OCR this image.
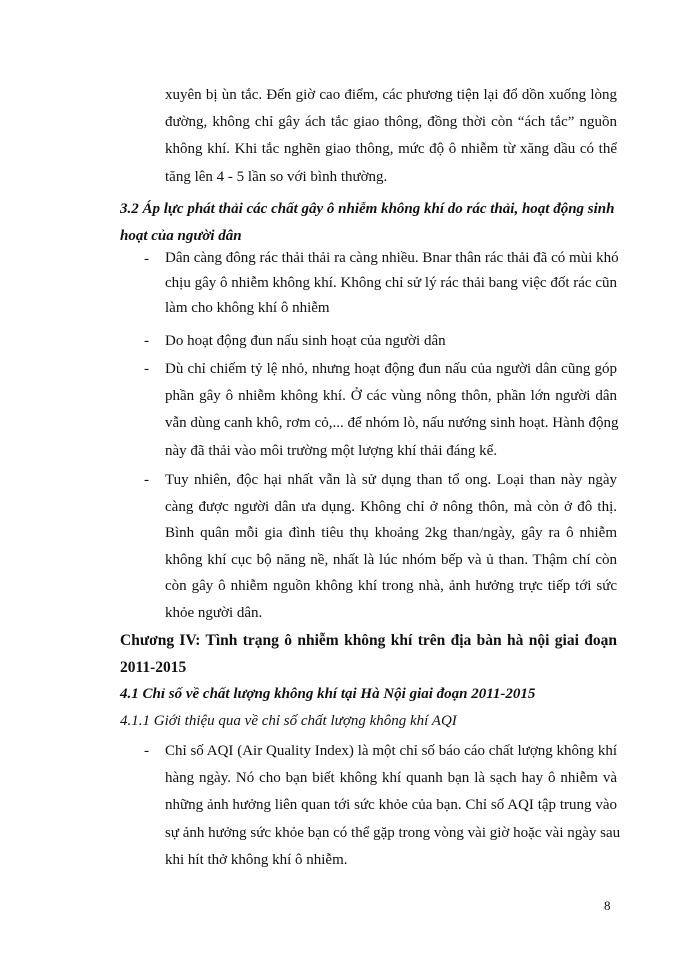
xuyên bị ùn tắc. Đến giờ cao điểm, các phương tiện lại đổ dồn xuống lòng
đường, không chỉ gây ách tắc giao thông, đồng thời còn “ách tắc” nguồn
không khí. Khi tắc nghẽn giao thông, mức độ ô nhiễm từ xăng dầu có thể
tăng lên 4 - 5 lần so với bình thường.
3.2 Áp lực phát thải các chất gây ô nhiễm không khí do rác thải, hoạt động sinh
hoạt của người dân
- Dân càng đông rác thải thải ra càng nhiều. Bnar thân rác thải đã có mùi khó
chịu gây ô nhiễm không khí. Không chỉ sử lý rác thải bang việc đốt rác cũn
làm cho không khí ô nhiễm
- Do hoạt động đun nấu sinh hoạt của người dân
- Dù chỉ chiếm tỷ lệ nhỏ, nhưng hoạt động đun nấu của người dân cũng góp
phần gây ô nhiễm không khí. Ở các vùng nông thôn, phần lớn người dân
vẫn dùng canh khô, rơm cỏ,... để nhóm lò, nấu nướng sinh hoạt. Hành động
này đã thải vào môi trường một lượng khí thải đáng kể.
- Tuy nhiên, độc hại nhất vẫn là sử dụng than tổ ong. Loại than này ngày
càng được người dân ưa dụng. Không chỉ ở nông thôn, mà còn ở đô thị.
Bình quân mỗi gia đình tiêu thụ khoảng 2kg than/ngày, gây ra ô nhiễm
không khí cục bộ năng nề, nhất là lúc nhóm bếp và ủ than. Thậm chí còn
còn gây ô nhiễm nguồn không khí trong nhà, ảnh hưởng trực tiếp tới sức
khỏe người dân.
Chương IV: Tình trạng ô nhiễm không khí trên địa bàn hà nội giai đoạn
2011-2015
4.1 Chỉ số về chất lượng không khí tại Hà Nội giai đoạn 2011-2015
4.1.1 Giới thiệu qua về chỉ số chất lượng không khí AQI
- Chỉ số AQI (Air Quality Index) là một chỉ số báo cáo chất lượng không khí
hàng ngày. Nó cho bạn biết không khí quanh bạn là sạch hay ô nhiễm và
những ảnh hưởng liên quan tới sức khỏe của bạn. Chỉ số AQI tập trung vào
sự ảnh hưởng sức khỏe bạn có thể gặp trong vòng vài giờ hoặc vài ngày sau
khi hít thở không khí ô nhiễm.
8
